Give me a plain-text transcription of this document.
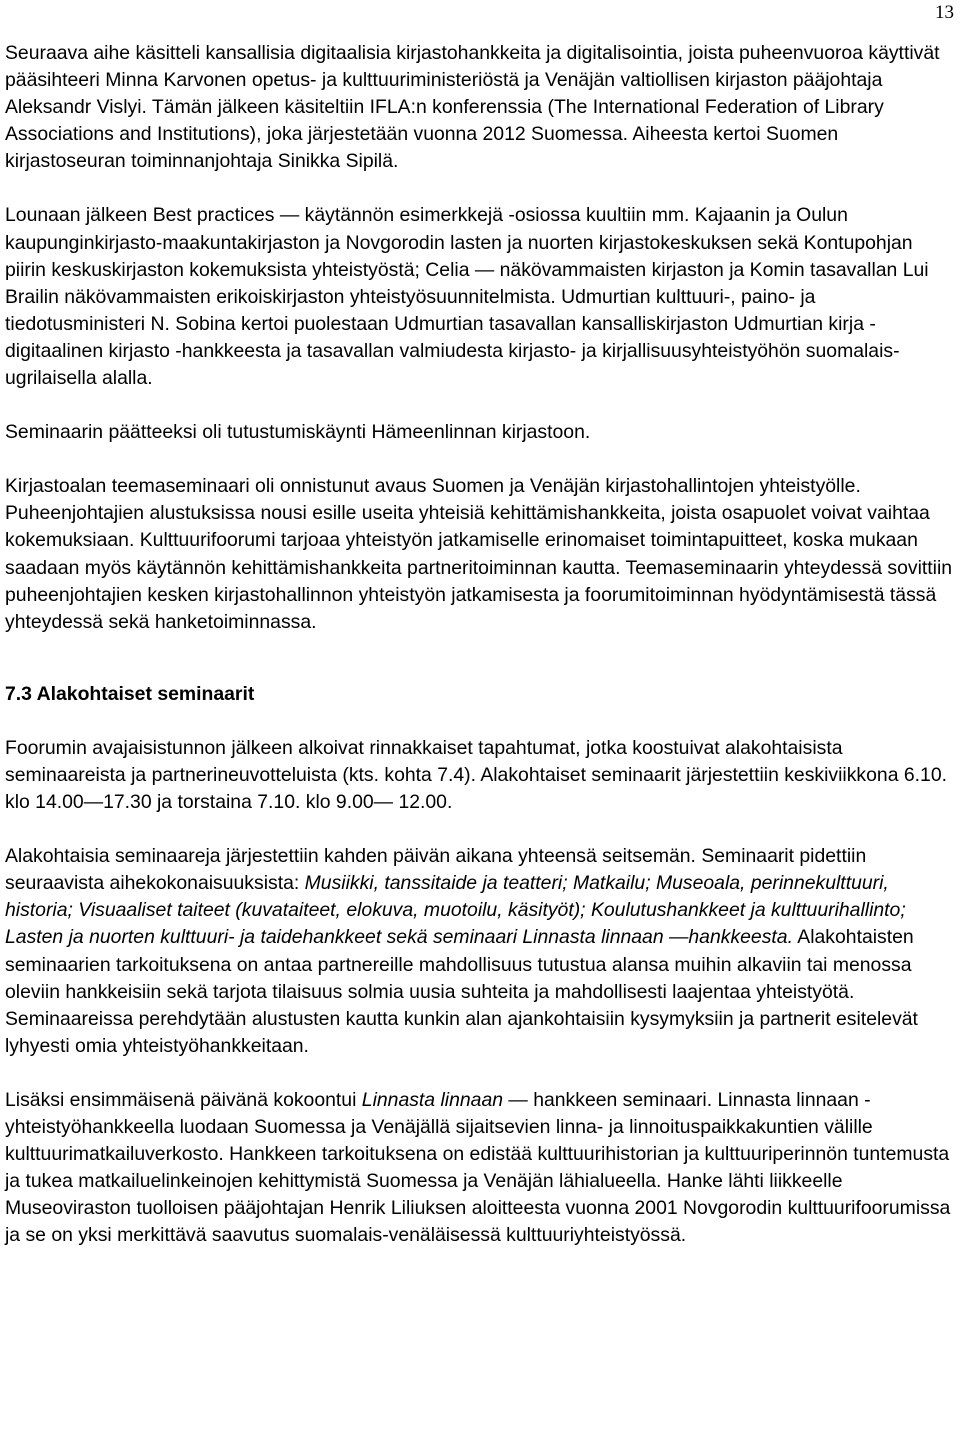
13

Seuraava aihe käsitteli kansallisia digitaalisia kirjastohankkeita ja digitalisointia, joista puheenvuoroa käyttivät pääsihteeri Minna Karvonen opetus- ja kulttuuriministeriöstä ja Venäjän valtiollisen kirjaston pääjohtaja Aleksandr Vislyi. Tämän jälkeen käsiteltiin IFLA:n konferenssia (The International Federation of Library Associations and Institutions), joka järjestetään vuonna 2012 Suomessa. Aiheesta kertoi Suomen kirjastoseuran toiminnanjohtaja Sinikka Sipilä.

Lounaan jälkeen Best practices ― käytännön esimerkkejä -osiossa kuultiin mm. Kajaanin ja Oulun kaupunginkirjasto-maakuntakirjaston ja Novgorodin lasten ja nuorten kirjastokeskuksen sekä Kontupohjan piirin keskuskirjaston kokemuksista yhteistyöstä; Celia ― näkövammaisten kirjaston ja Komin tasavallan Lui Brailin näkövammaisten erikoiskirjaston yhteistyösuunnitelmista. Udmurtian kulttuuri-, paino- ja tiedotusministeri N. Sobina kertoi puolestaan Udmurtian tasavallan kansalliskirjaston Udmurtian kirja - digitaalinen kirjasto -hankkeesta ja tasavallan valmiudesta kirjasto- ja kirjallisuusyhteistyöhön suomalais-ugrilaisella alalla.

Seminaarin päätteeksi oli tutustumiskäynti Hämeenlinnan kirjastoon.

Kirjastoalan teemaseminaari oli onnistunut avaus Suomen ja Venäjän kirjastohallintojen yhteistyölle. Puheenjohtajien alustuksissa nousi esille useita yhteisiä kehittämishankkeita, joista osapuolet voivat vaihtaa kokemuksiaan. Kulttuurifoorumi tarjoaa yhteistyön jatkamiselle erinomaiset toimintapuitteet, koska mukaan saadaan myös käytännön kehittämishankkeita partneritoiminnan kautta. Teemaseminaarin yhteydessä sovittiin puheenjohtajien kesken kirjastohallinnon yhteistyön jatkamisesta ja foorumitoiminnan hyödyntämisestä tässä yhteydessä sekä hanketoiminnassa.

7.3 Alakohtaiset seminaarit

Foorumin avajaisistunnon jälkeen alkoivat rinnakkaiset tapahtumat, jotka koostuivat alakohtaisista seminaareista ja partnerineuvotteluista (kts. kohta 7.4). Alakohtaiset seminaarit järjestettiin keskiviikkona 6.10. klo 14.00―17.30 ja torstaina 7.10. klo 9.00― 12.00.

Alakohtaisia seminaareja järjestettiin kahden päivän aikana yhteensä seitsemän. Seminaarit pidettiin seuraavista aihekokonaisuuksista: Musiikki, tanssitaide ja teatteri; Matkailu; Museoala, perinnekulttuuri, historia; Visuaaliset taiteet (kuvataiteet, elokuva, muotoilu, käsityöt); Koulutushankkeet ja kulttuurihallinto; Lasten ja nuorten kulttuuri- ja taidehankkeet sekä seminaari Linnasta linnaan ―hankkeesta. Alakohtaisten seminaarien tarkoituksena on antaa partnereille mahdollisuus tutustua alansa muihin alkaviin tai menossa oleviin hankkeisiin sekä tarjota tilaisuus solmia uusia suhteita ja mahdollisesti laajentaa yhteistyötä. Seminaareissa perehdytään alustusten kautta kunkin alan ajankohtaisiin kysymyksiin ja partnerit esitelevät lyhyesti omia yhteistyöhankkeitaan.

Lisäksi ensimmäisenä päivänä kokoontui Linnasta linnaan ― hankkeen seminaari. Linnasta linnaan -yhteistyöhankkeella luodaan Suomessa ja Venäjällä sijaitsevien linna- ja linnoituspaikkakuntien välille kulttuurimatkailuverkosto. Hankkeen tarkoituksena on edistää kulttuurihistorian ja kulttuuriperinnön tuntemusta ja tukea matkailuelinkeinojen kehittymistä Suomessa ja Venäjän lähialueella. Hanke lähti liikkeelle Museoviraston tuolloisen pääjohtajan Henrik Liliuksen aloitteesta vuonna 2001 Novgorodin kulttuurifoorumissa ja se on yksi merkittävä saavutus suomalais-venäläisessä kulttuuriyhteistyössä.
